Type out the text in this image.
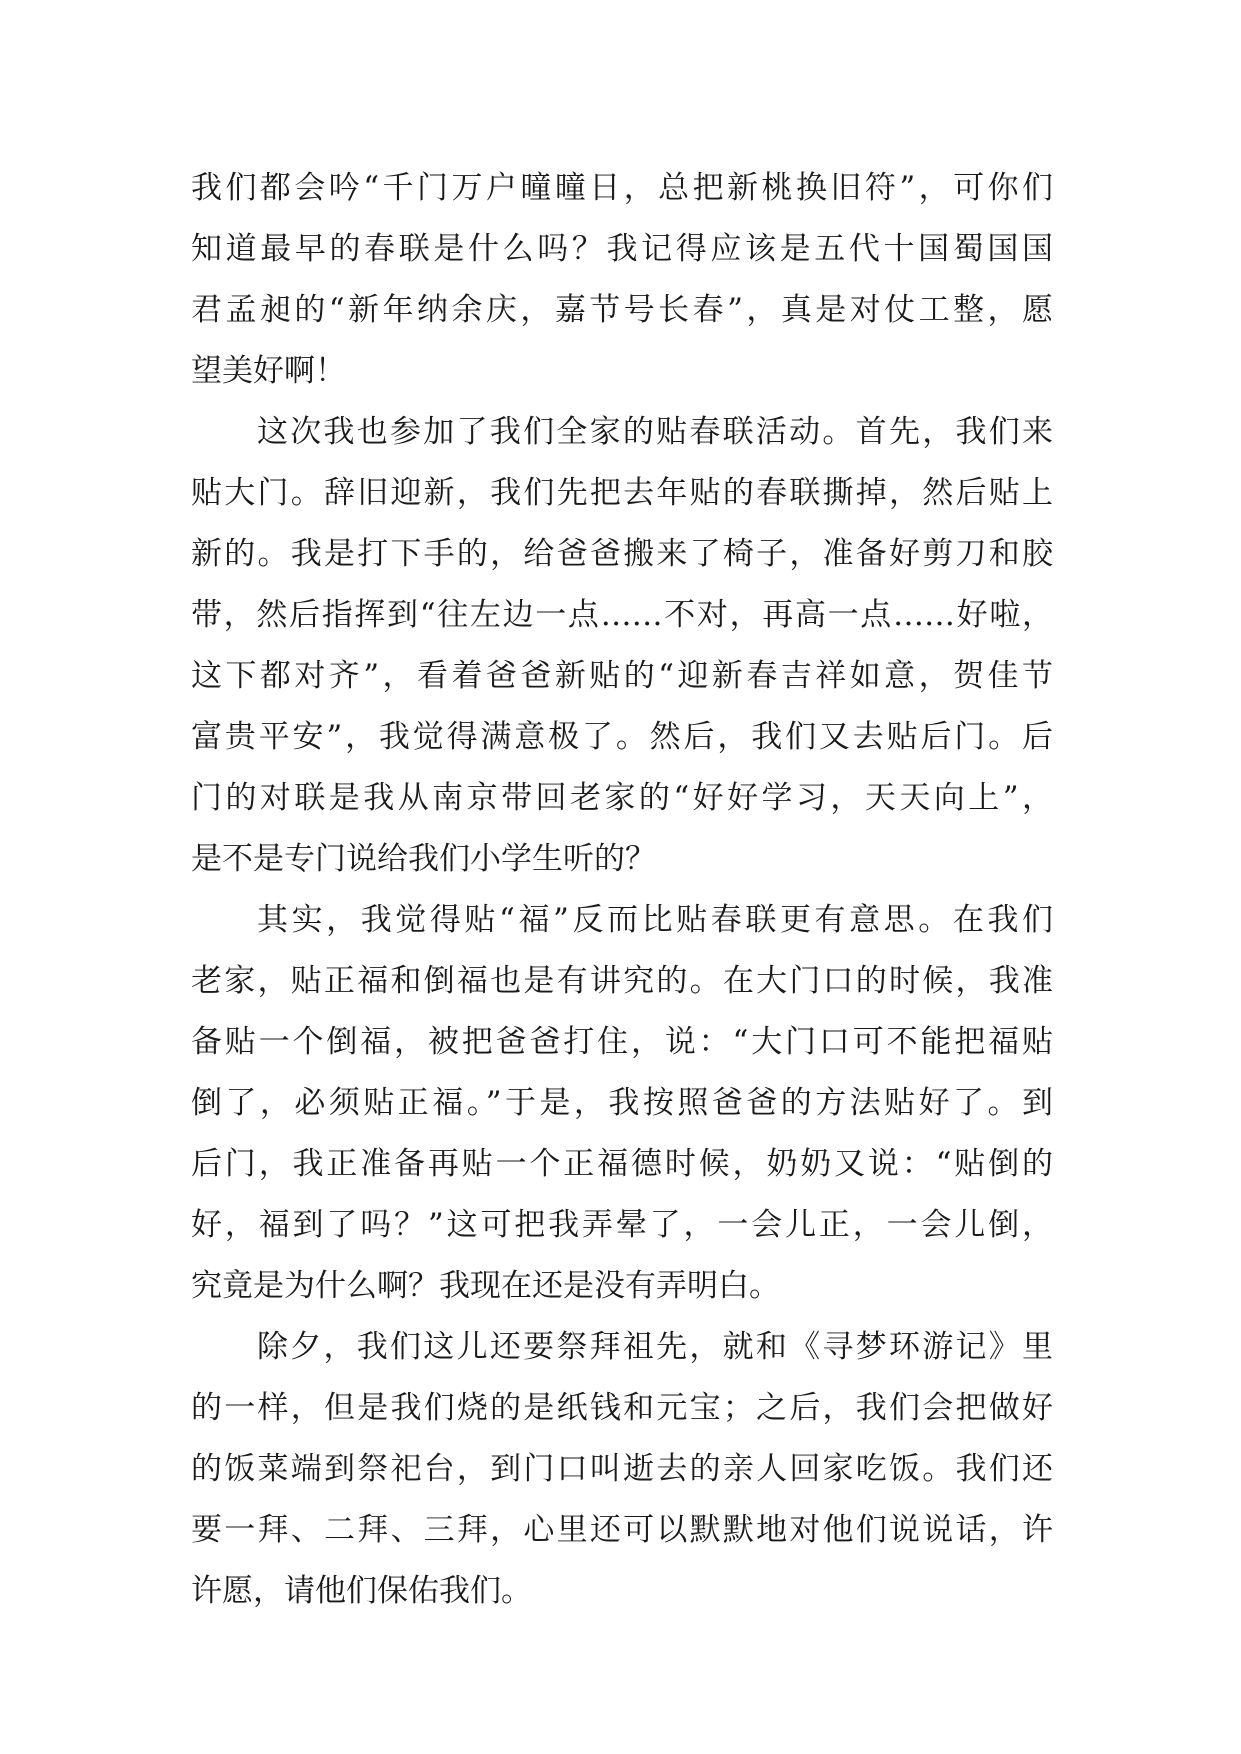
我们都会吟“千门万户曈曈日，总把新桃换旧符”，可你们
知道最早的春联是什么吗？我记得应该是五代十国蜀国国
君孟昶的“新年纳余庆，嘉节号长春”，真是对仗工整，愿
望美好啊！
这次我也参加了我们全家的贴春联活动。首先，我们来
贴大门。辞旧迎新，我们先把去年贴的春联撕掉，然后贴上
新的。我是打下手的，给爸爸搬来了椅子，准备好剪刀和胶
带，然后指挥到“往左边一点……不对，再高一点……好啦，
这下都对齐”，看着爸爸新贴的“迎新春吉祥如意，贺佳节
富贵平安”，我觉得满意极了。然后，我们又去贴后门。后
门的对联是我从南京带回老家的“好好学习，天天向上”，
是不是专门说给我们小学生听的？
其实，我觉得贴“福”反而比贴春联更有意思。在我们
老家，贴正福和倒福也是有讲究的。在大门口的时候，我准
备贴一个倒福，被把爸爸打住，说：“大门口可不能把福贴
倒了，必须贴正福。”于是，我按照爸爸的方法贴好了。到
后门，我正准备再贴一个正福德时候，奶奶又说：“贴倒的
好，福到了吗？”这可把我弄晕了，一会儿正，一会儿倒，
究竟是为什么啊？我现在还是没有弄明白。
除夕，我们这儿还要祭拜祖先，就和《寻梦环游记》里
的一样，但是我们烧的是纸钱和元宝；之后，我们会把做好
的饭菜端到祭祀台，到门口叫逝去的亲人回家吃饭。我们还
要一拜、二拜、三拜，心里还可以默默地对他们说说话，许
许愿，请他们保佑我们。
